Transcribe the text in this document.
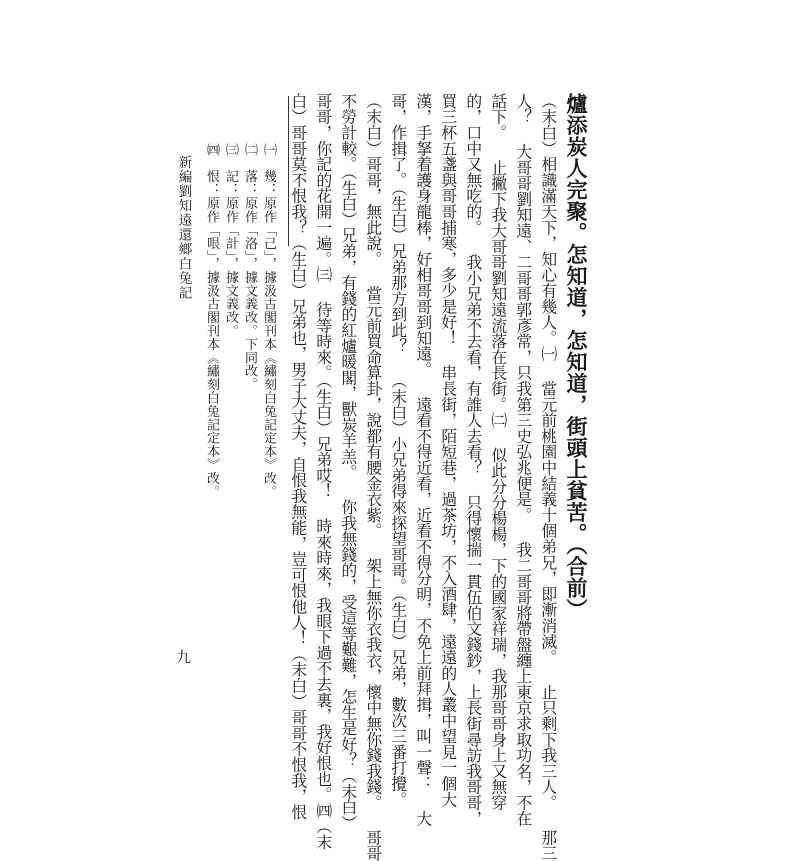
爐添炭人完聚。怎知道，怎知道，街頭上貧苦。（合前）
（末白）相識滿天下，知心有幾人。㈠ 當元前桃園中結義十個弟兄，即漸消滅。 止只剩下我三人。 那三
人？ 大哥哥劉知遠、二哥哥郭彥常，只我第三史弘兆便是。 我二哥哥將帶盤纏上東京求取功名，不在
話下。 止撇下我大哥哥劉知遠流落在長街。㈡ 似此分分楊楊，下的國家祥瑞，我那哥哥身上又無穿
的，口中又無吃的。 我小兄弟不去看，有誰人去看？ 只得懷揣一貫伍伯文錢鈔，上長街尋訪我哥哥，
買三杯五盞與哥哥捕寒，多少是好！ 串長街，陌短巷，過茶坊，不入酒肆，遠遠的人叢中望見一個大
漢，手拏着護身龍棒，好相哥哥到知遠。 遠看不得近看，近看不得分明，不免上前拜揖，叫一聲： 大
哥，作揖了。（生白）兄弟那方到此？ （末白）小兄弟得來探望哥哥。（生白）兄弟，數次三番打攪。
（末白）哥哥，無此說。 當元前買命算卦，說都有腰金衣紫。 架上無你衣我衣，懷中無你錢我錢。 哥哥
不勞計較。（生白）兄弟，有錢的紅爐暖閣，獸炭羊羔。 你我無錢的，受這等艱難，怎生是好？（末白）
哥哥，你記的花開一遍。㈢ 待等時來。（生白）兄弟哎！ 時來時來，我眼下過不去裏，我好恨也。㈣（末
白）哥哥莫不恨我？（生白）兄弟也，男子大丈夫，自恨我無能，豈可恨他人！（末白）哥哥不恨我，恨
㈠　幾：原作「己」，據汲古閣刊本《繡刻白兔記定本》改。
㈡　落：原作「洛」，據文義改。下同改。
㈢　記：原作「計」，據文義改。
㈣　恨：原作「哏」，據汲古閣刊本《繡刻白兔記定本》改。
新編劉知遠還鄉白兔記
九
